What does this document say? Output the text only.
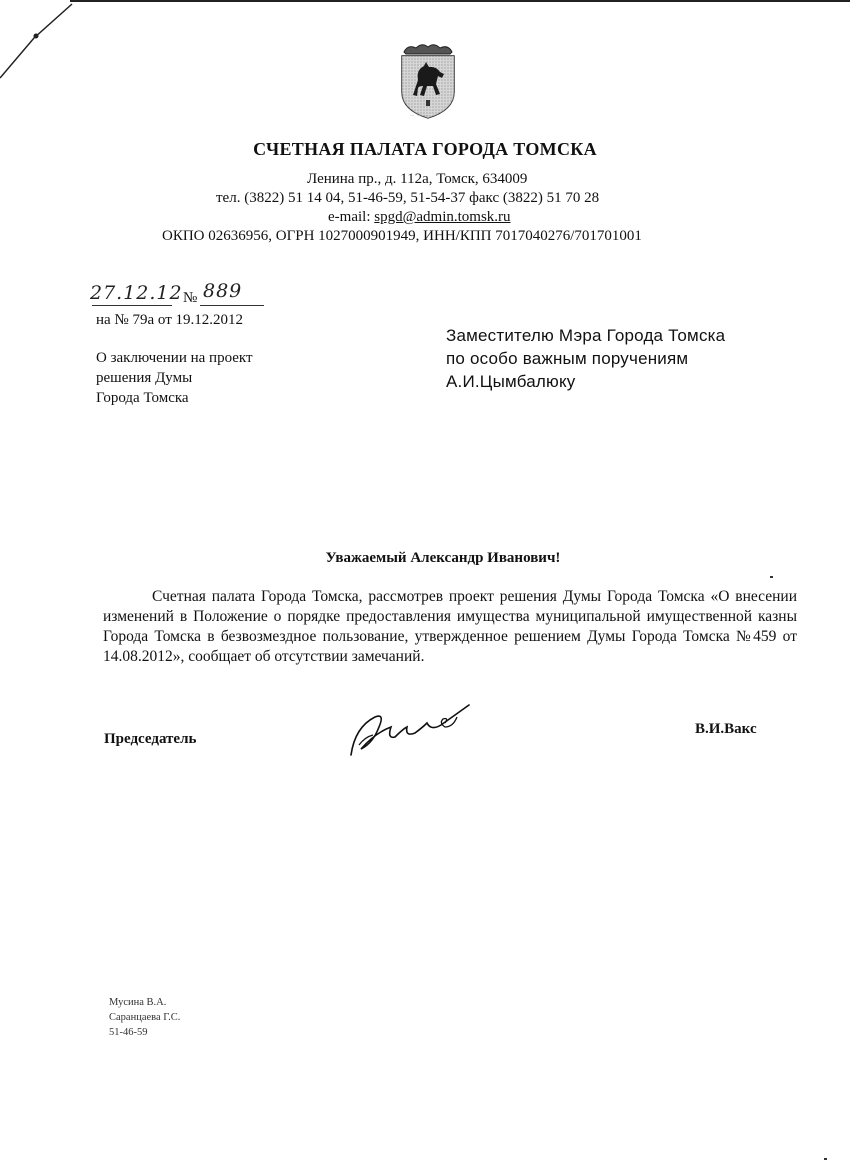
— — —
СЧЕТНАЯ ПАЛАТА ГОРОДА ТОМСКА
Ленина пр., д. 112а, Томск, 634009
тел. (3822) 51 14 04, 51-46-59, 51-54-37 факс (3822) 51 70 28
e-mail: spgd@admin.tomsk.ru
ОКПО 02636956, ОГРН 1027000901949, ИНН/КПП 7017040276/701701001
27.12.12 № 889
на № 79а от 19.12.2012
О заключении на проект
решения Думы
Города Томска
Заместителю Мэра Города Томска
по особо важным поручениям
А.И.Цымбалюку
Уважаемый Александр Иванович!
Счетная палата Города Томска, рассмотрев проект решения Думы Города Томска «О внесении изменений в Положение о порядке предоставления имущества муниципальной имущественной казны Города Томска в безвозмездное пользование, утвержденное решением Думы Города Томска №459 от 14.08.2012», сообщает об отсутствии замечаний.
Председатель
В.И.Вакс
Мусина В.А.
Саранцаева Г.С.
51-46-59
